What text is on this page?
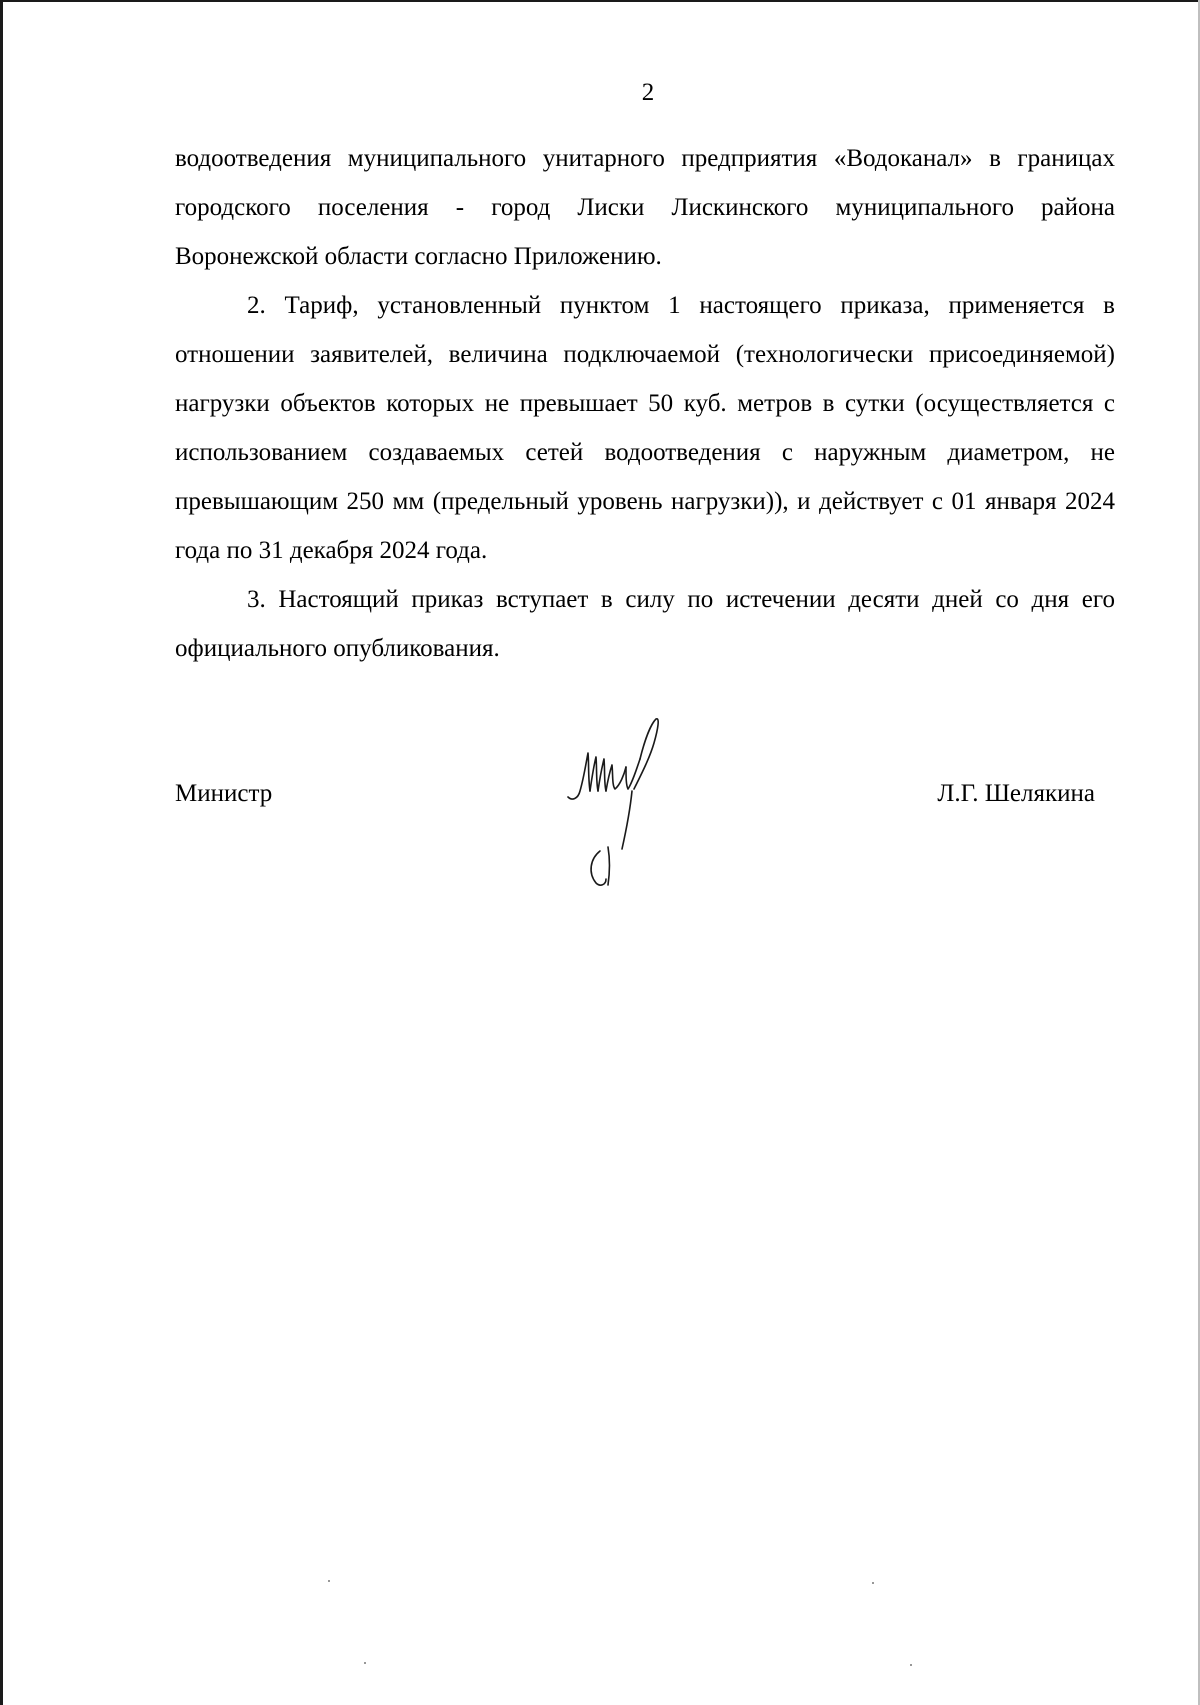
2

водоотведения муниципального унитарного предприятия «Водоканал» в границах городского поселения - город Лиски Лискинского муниципального района Воронежской области согласно Приложению.

2. Тариф, установленный пунктом 1 настоящего приказа, применяется в отношении заявителей, величина подключаемой (технологически присоединяемой) нагрузки объектов которых не превышает 50 куб. метров в сутки (осуществляется с использованием создаваемых сетей водоотведения с наружным диаметром, не превышающим 250 мм (предельный уровень нагрузки)), и действует с 01 января 2024 года по 31 декабря 2024 года.

3. Настоящий приказ вступает в силу по истечении десяти дней со дня его официального опубликования.

Министр	Л.Г. Шелякина
